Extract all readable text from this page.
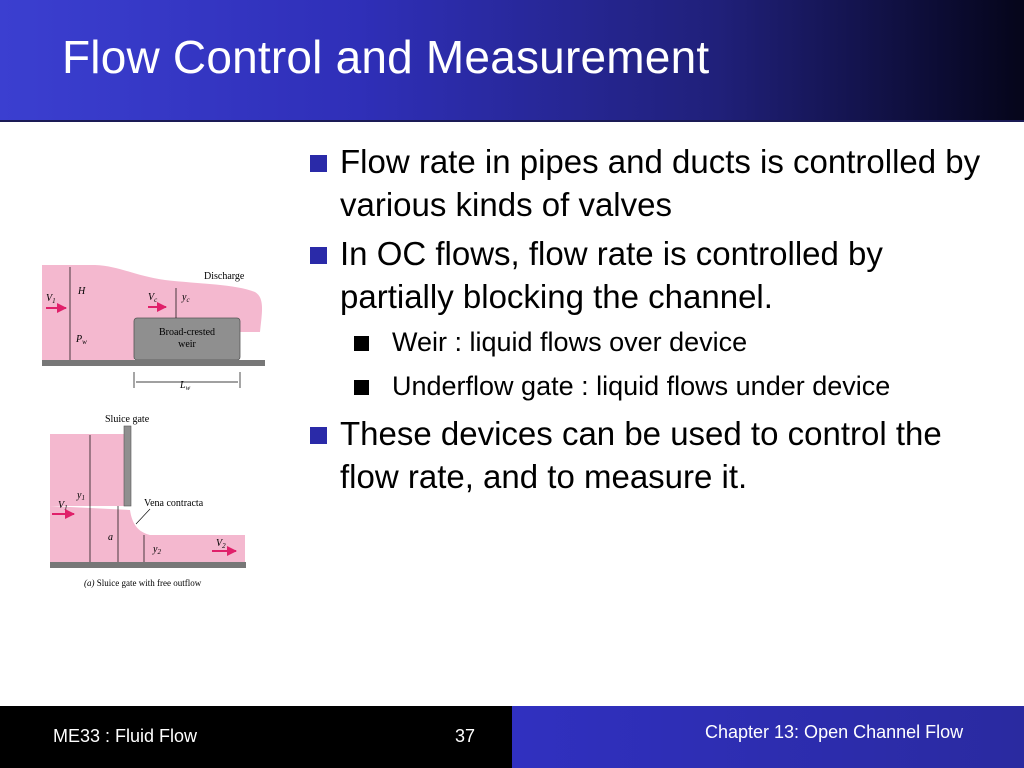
Flow Control and Measurement
Flow rate in pipes and ducts is controlled by various kinds of valves
In OC flows, flow rate is controlled by partially blocking the channel.
Weir : liquid flows over device
Underflow gate : liquid flows under device
These devices can be used to control the flow rate, and to measure it.
Discharge
H
$P_w$
$V_1$	$V_c$ $y_c$
Broad-crested
weir
$L_w$
Sluice gate
Vena contracta
$V_1$
$y_1$
a
$y_2$
$V_2$
(a) Sluice gate with free outflow
ME33 : Fluid Flow	37	Chapter 13: Open Channel Flow
